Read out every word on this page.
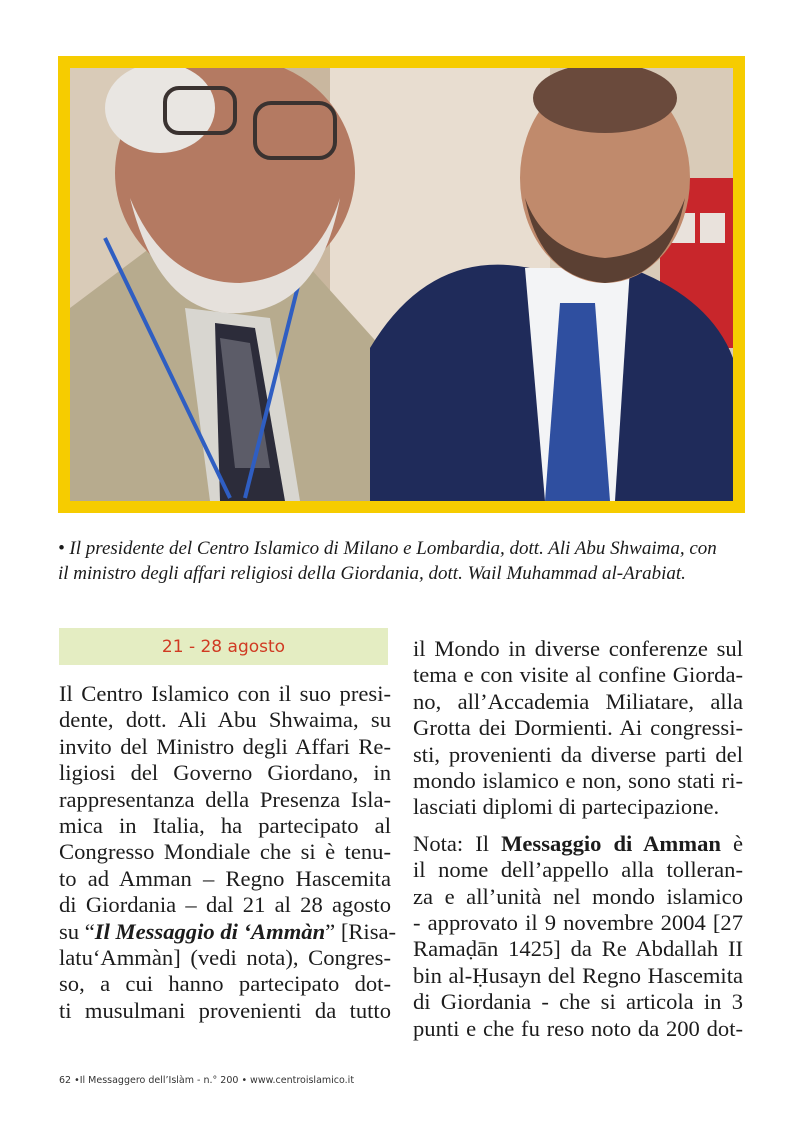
• Il presidente del Centro Islamico di Milano e Lombardia, dott. Ali Abu Shwaima, con
il ministro degli affari religiosi della Giordania, dott. Wail Muhammad al-Arabiat.
21 - 28 agosto
Il Centro Islamico con il suo presi-
dente, dott. Ali Abu Shwaima, su
invito del Ministro degli Affari Re-
ligiosi del Governo Giordano, in
rappresentanza della Presenza Isla-
mica in Italia, ha partecipato al
Congresso Mondiale che si è tenu-
to ad Amman – Regno Hascemita
di Giordania – dal 21 al 28 agosto
su “Il Messaggio di ‘Ammàn” [Risa-
latu‘Ammàn] (vedi nota), Congres-
so, a cui hanno partecipato dot-
ti musulmani provenienti da tutto
il Mondo in diverse conferenze sul
tema e con visite al confine Giorda-
no, all’Accademia Miliatare, alla
Grotta dei Dormienti. Ai congressi-
sti, provenienti da diverse parti del
mondo islamico e non, sono stati ri-
lasciati diplomi di partecipazione.
Nota: Il Messaggio di Amman è
il nome dell’appello alla tolleran-
za e all’unità nel mondo islamico
- approvato il 9 novembre 2004 [27
Ramaḍān 1425] da Re Abdallah II
bin al-Ḥusayn del Regno Hascemita
di Giordania - che si articola in 3
punti e che fu reso noto da 200 dot-
62 •Il Messaggero dell’Islàm - n.° 200 • www.centroislamico.it
